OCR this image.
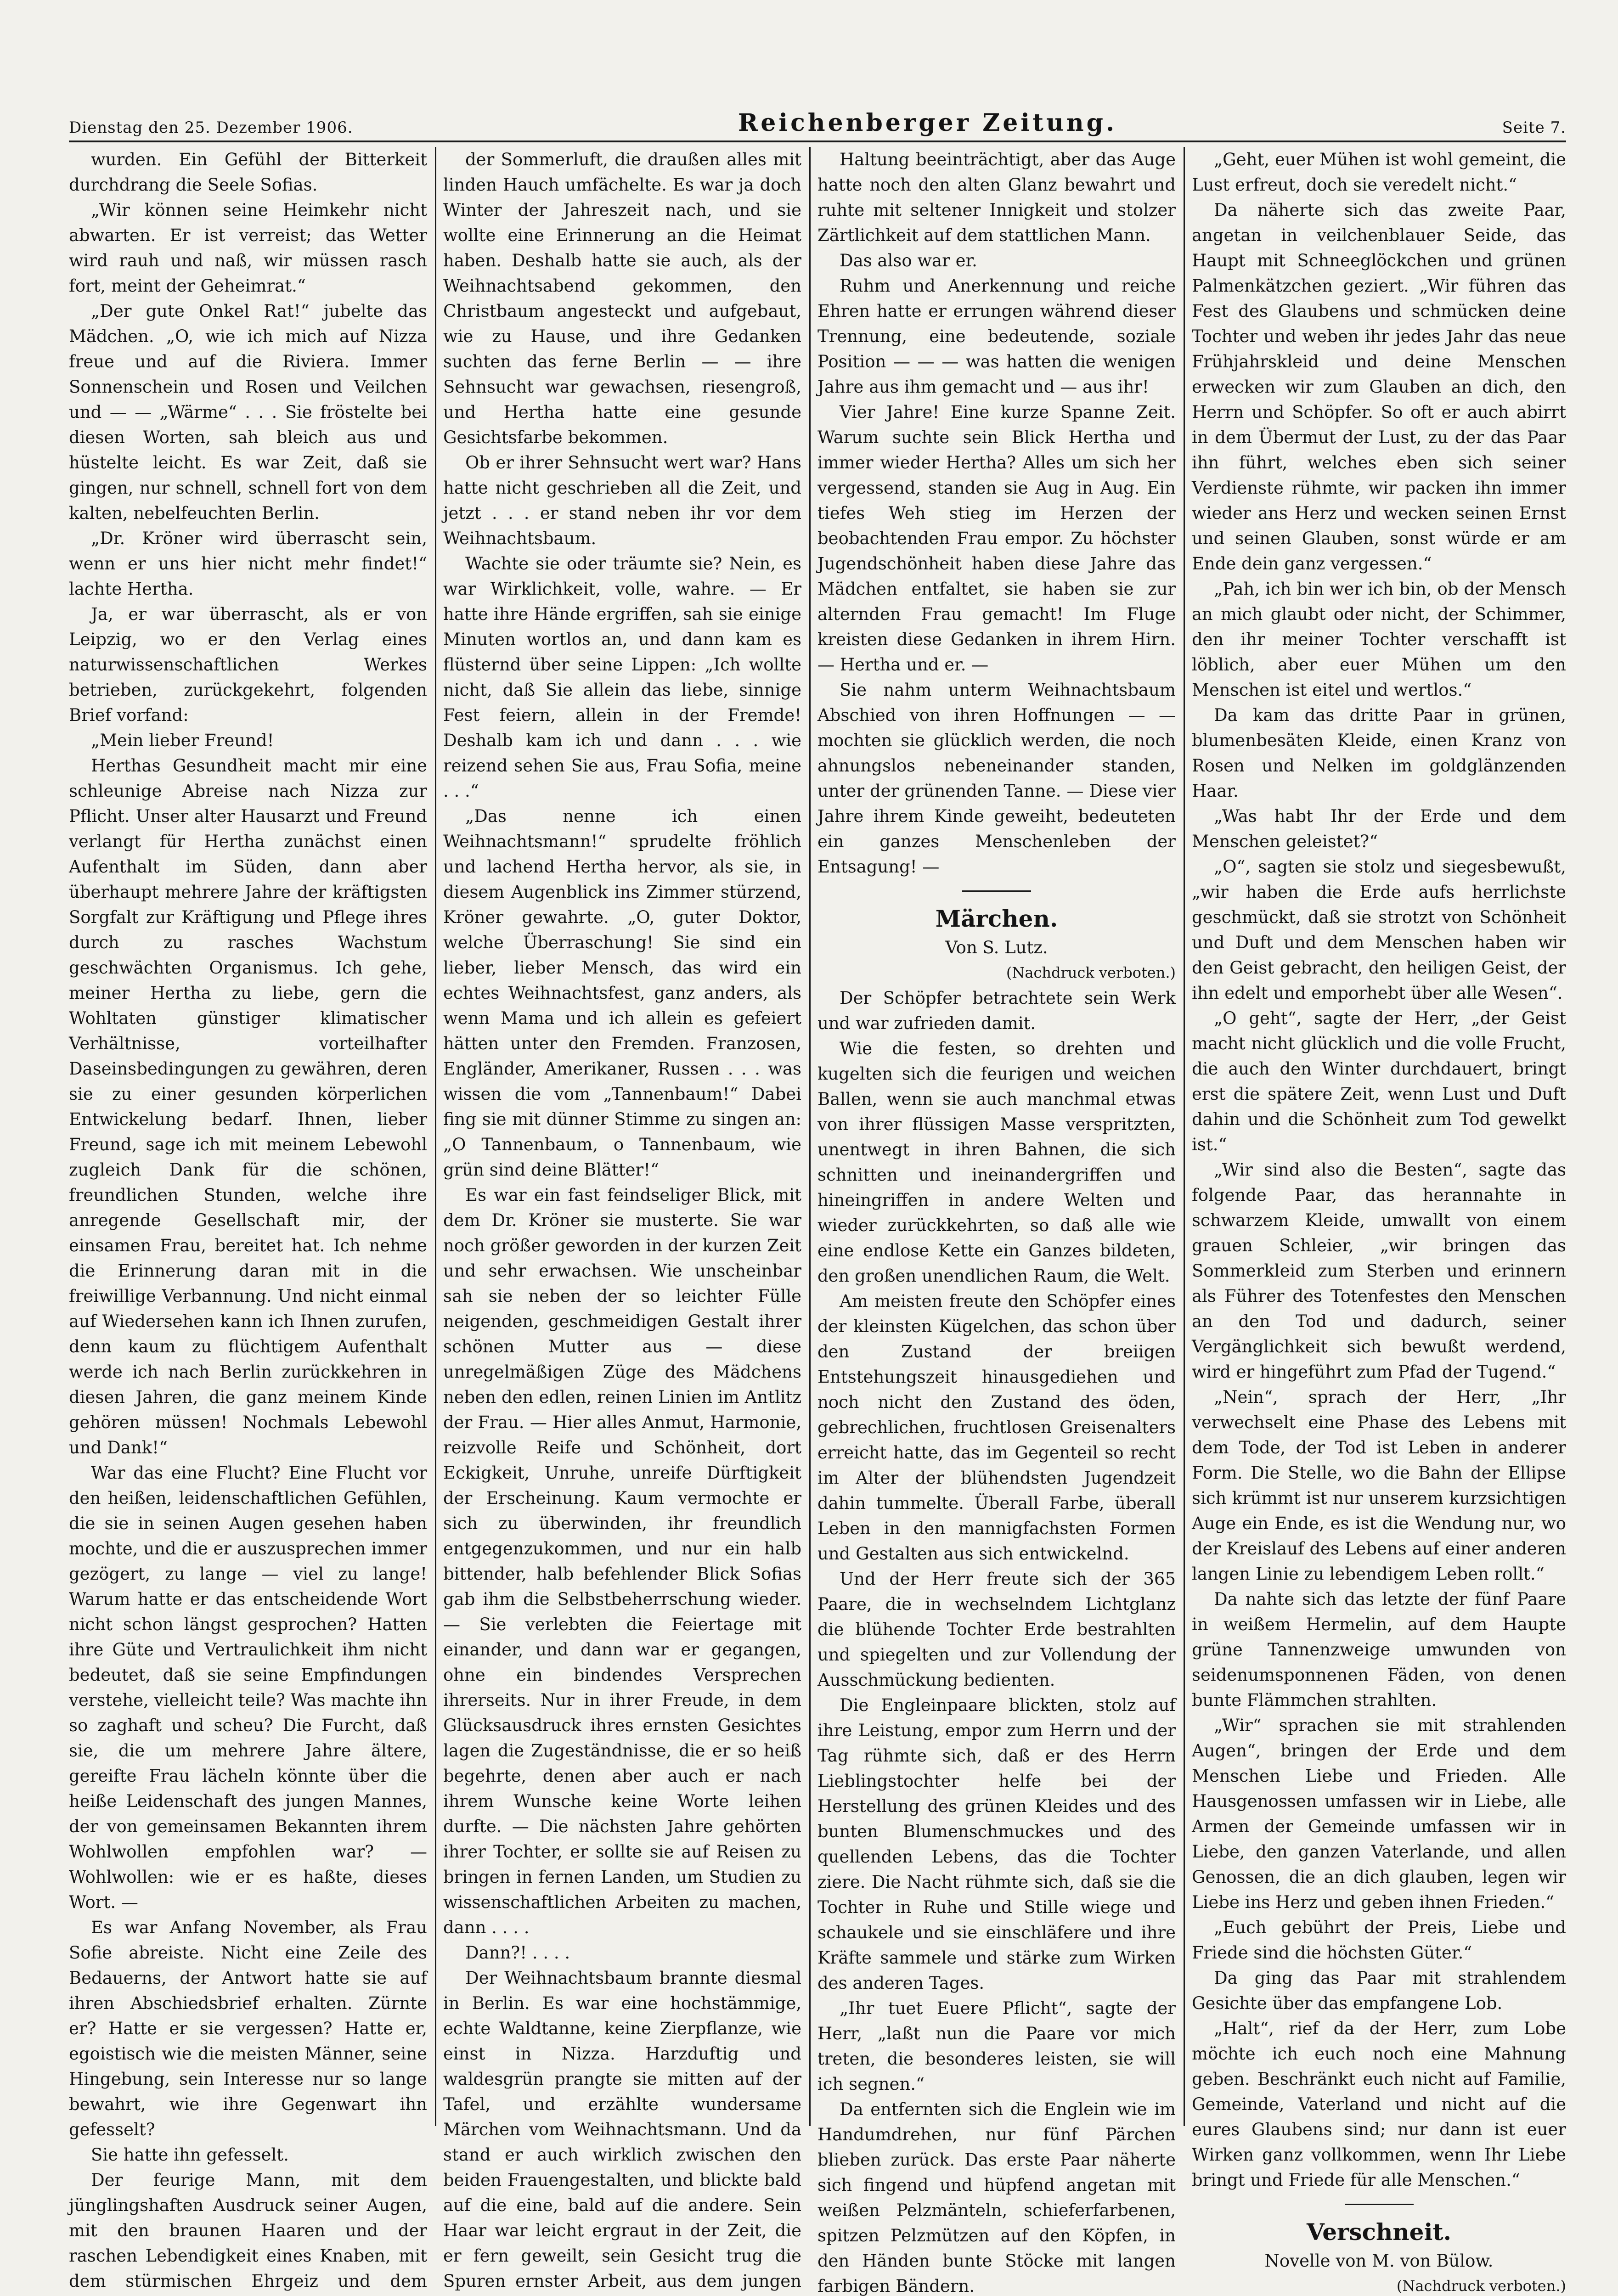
Dienstag den 25. Dezember 1906.	Reichenberger Zeitung.	Seite 7.

wurden. Ein Gefühl der Bitterkeit durchdrang die Seele Sofias.

„Wir können seine Heimkehr nicht abwarten. Er ist verreist; das Wetter wird rauh und naß, wir müssen rasch fort, meint der Geheimrat.“

„Der gute Onkel Rat!“ jubelte das Mädchen. „O, wie ich mich auf Nizza freue und auf die Riviera. Immer Sonnenschein und Rosen und Veilchen und — — „Wärme“ . . . Sie fröstelte bei diesen Worten, sah bleich aus und hüstelte leicht. Es war Zeit, daß sie gingen, nur schnell, schnell fort von dem kalten, nebelfeuchten Berlin.

„Dr. Kröner wird überrascht sein, wenn er uns hier nicht mehr findet!“ lachte Hertha.

Ja, er war überrascht, als er von Leipzig, wo er den Verlag eines naturwissenschaftlichen Werkes betrieben, zurückgekehrt, folgenden Brief vorfand:

„Mein lieber Freund!

Herthas Gesundheit macht mir eine schleunige Abreise nach Nizza zur Pflicht. Unser alter Hausarzt und Freund verlangt für Hertha zunächst einen Aufenthalt im Süden, dann aber überhaupt mehrere Jahre der kräftigsten Sorgfalt zur Kräftigung und Pflege ihres durch zu rasches Wachstum geschwächten Organismus. Ich gehe, meiner Hertha zu liebe, gern die Wohltaten günstiger klimatischer Verhältnisse, vorteilhafter Daseinsbedingungen zu gewähren, deren sie zu einer gesunden körperlichen Entwickelung bedarf. Ihnen, lieber Freund, sage ich mit meinem Lebewohl zugleich Dank für die schönen, freundlichen Stunden, welche ihre anregende Gesellschaft mir, der einsamen Frau, bereitet hat. Ich nehme die Erinnerung daran mit in die freiwillige Verbannung. Und nicht einmal auf Wiedersehen kann ich Ihnen zurufen, denn kaum zu flüchtigem Aufenthalt werde ich nach Berlin zurückkehren in diesen Jahren, die ganz meinem Kinde gehören müssen! Nochmals Lebewohl und Dank!“

War das eine Flucht? Eine Flucht vor den heißen, leidenschaftlichen Gefühlen, die sie in seinen Augen gesehen haben mochte, und die er auszusprechen immer gezögert, zu lange — viel zu lange! Warum hatte er das entscheidende Wort nicht schon längst gesprochen? Hatten ihre Güte und Vertraulichkeit ihm nicht bedeutet, daß sie seine Empfindungen verstehe, vielleicht teile? Was machte ihn so zaghaft und scheu? Die Furcht, daß sie, die um mehrere Jahre ältere, gereifte Frau lächeln könnte über die heiße Leidenschaft des jungen Mannes, der von gemeinsamen Bekannten ihrem Wohlwollen empfohlen war? — Wohlwollen: wie er es haßte, dieses Wort. —

Es war Anfang November, als Frau Sofie abreiste. Nicht eine Zeile des Bedauerns, der Antwort hatte sie auf ihren Abschiedsbrief erhalten. Zürnte er? Hatte er sie vergessen? Hatte er, egoistisch wie die meisten Männer, seine Hingebung, sein Interesse nur so lange bewahrt, wie ihre Gegenwart ihn gefesselt?

Sie hatte ihn gefesselt.

Der feurige Mann, mit dem jünglingshaften Ausdruck seiner Augen, mit den braunen Haaren und der raschen Lebendigkeit eines Knaben, mit dem stürmischen Ehrgeiz und dem

der Sommerluft, die draußen alles mit linden Hauch umfächelte. Es war ja doch Winter der Jahreszeit nach, und sie wollte eine Erinnerung an die Heimat haben. Deshalb hatte sie auch, als der Weihnachtsabend gekommen, den Christbaum angesteckt und aufgebaut, wie zu Hause, und ihre Gedanken suchten das ferne Berlin — — ihre Sehnsucht war gewachsen, riesengroß, und Hertha hatte eine gesunde Gesichtsfarbe bekommen.

Ob er ihrer Sehnsucht wert war? Hans hatte nicht geschrieben all die Zeit, und jetzt . . . er stand neben ihr vor dem Weihnachtsbaum.

Wachte sie oder träumte sie? Nein, es war Wirklichkeit, volle, wahre. — Er hatte ihre Hände ergriffen, sah sie einige Minuten wortlos an, und dann kam es flüsternd über seine Lippen: „Ich wollte nicht, daß Sie allein das liebe, sinnige Fest feiern, allein in der Fremde! Deshalb kam ich und dann . . . wie reizend sehen Sie aus, Frau Sofia, meine . . .“

„Das nenne ich einen Weihnachtsmann!“ sprudelte fröhlich und lachend Hertha hervor, als sie, in diesem Augenblick ins Zimmer stürzend, Kröner gewahrte. „O, guter Doktor, welche Überraschung! Sie sind ein lieber, lieber Mensch, das wird ein echtes Weihnachtsfest, ganz anders, als wenn Mama und ich allein es gefeiert hätten unter den Fremden. Franzosen, Engländer, Amerikaner, Russen . . . was wissen die vom „Tannenbaum!“ Dabei fing sie mit dünner Stimme zu singen an: „O Tannenbaum, o Tannenbaum, wie grün sind deine Blätter!“

Es war ein fast feindseliger Blick, mit dem Dr. Kröner sie musterte. Sie war noch größer geworden in der kurzen Zeit und sehr erwachsen. Wie unscheinbar sah sie neben der so leichter Fülle neigenden, geschmeidigen Gestalt ihrer schönen Mutter aus — diese unregelmäßigen Züge des Mädchens neben den edlen, reinen Linien im Antlitz der Frau. — Hier alles Anmut, Harmonie, reizvolle Reife und Schönheit, dort Eckigkeit, Unruhe, unreife Dürftigkeit der Erscheinung. Kaum vermochte er sich zu überwinden, ihr freundlich entgegenzukommen, und nur ein halb bittender, halb befehlender Blick Sofias gab ihm die Selbstbeherrschung wieder. — Sie verlebten die Feiertage mit einander, und dann war er gegangen, ohne ein bindendes Versprechen ihrerseits. Nur in ihrer Freude, in dem Glücksausdruck ihres ernsten Gesichtes lagen die Zugeständnisse, die er so heiß begehrte, denen aber auch er nach ihrem Wunsche keine Worte leihen durfte. — Die nächsten Jahre gehörten ihrer Tochter, er sollte sie auf Reisen zu bringen in fernen Landen, um Studien zu wissenschaftlichen Arbeiten zu machen, dann . . . .

Dann?! . . . .

Der Weihnachtsbaum brannte diesmal in Berlin. Es war eine hochstämmige, echte Waldtanne, keine Zierpflanze, wie einst in Nizza. Harzduftig und waldesgrün prangte sie mitten auf der Tafel, und erzählte wundersame Märchen vom Weihnachtsmann. Und da stand er auch wirklich zwischen den beiden Frauengestalten, und blickte bald auf die eine, bald auf die andere. Sein Haar war leicht ergraut in der Zeit, die er fern geweilt, sein Gesicht trug die Spuren ernster Arbeit, aus dem jungen

Haltung beeinträchtigt, aber das Auge hatte noch den alten Glanz bewahrt und ruhte mit seltener Innigkeit und stolzer Zärtlichkeit auf dem stattlichen Mann.

Das also war er.

Ruhm und Anerkennung und reiche Ehren hatte er errungen während dieser Trennung, eine bedeutende, soziale Position — — — was hatten die wenigen Jahre aus ihm gemacht und — aus ihr!

Vier Jahre! Eine kurze Spanne Zeit. Warum suchte sein Blick Hertha und immer wieder Hertha? Alles um sich her vergessend, standen sie Aug in Aug. Ein tiefes Weh stieg im Herzen der beobachtenden Frau empor. Zu höchster Jugendschönheit haben diese Jahre das Mädchen entfaltet, sie haben sie zur alternden Frau gemacht! Im Fluge kreisten diese Gedanken in ihrem Hirn. — Hertha und er. —

Sie nahm unterm Weihnachtsbaum Abschied von ihren Hoffnungen — — mochten sie glücklich werden, die noch ahnungslos nebeneinander standen, unter der grünenden Tanne. — Diese vier Jahre ihrem Kinde geweiht, bedeuteten ein ganzes Menschenleben der Entsagung! —

Märchen.

Von S. Lutz.

(Nachdruck verboten.)

Der Schöpfer betrachtete sein Werk und war zufrieden damit.

Wie die festen, so drehten und kugelten sich die feurigen und weichen Ballen, wenn sie auch manchmal etwas von ihrer flüssigen Masse verspritzten, unentwegt in ihren Bahnen, die sich schnitten und ineinandergriffen und hineingriffen in andere Welten und wieder zurückkehrten, so daß alle wie eine endlose Kette ein Ganzes bildeten, den großen unendlichen Raum, die Welt.

Am meisten freute den Schöpfer eines der kleinsten Kügelchen, das schon über den Zustand der breiigen Entstehungszeit hinausgediehen und noch nicht den Zustand des öden, gebrechlichen, fruchtlosen Greisenalters erreicht hatte, das im Gegenteil so recht im Alter der blühendsten Jugendzeit dahin tummelte. Überall Farbe, überall Leben in den mannigfachsten Formen und Gestalten aus sich entwickelnd.

Und der Herr freute sich der 365 Paare, die in wechselndem Lichtglanz die blühende Tochter Erde bestrahlten und spiegelten und zur Vollendung der Ausschmückung bedienten.

Die Engleinpaare blickten, stolz auf ihre Leistung, empor zum Herrn und der Tag rühmte sich, daß er des Herrn Lieblingstochter helfe bei der Herstellung des grünen Kleides und des bunten Blumenschmuckes und des quellenden Lebens, das die Tochter ziere. Die Nacht rühmte sich, daß sie die Tochter in Ruhe und Stille wiege und schaukele und sie einschläfere und ihre Kräfte sammele und stärke zum Wirken des anderen Tages.

„Ihr tuet Euere Pflicht“, sagte der Herr, „laßt nun die Paare vor mich treten, die besonderes leisten, sie will ich segnen.“

Da entfernten sich die Englein wie im Handumdrehen, nur fünf Pärchen blieben zurück. Das erste Paar näherte sich fingend und hüpfend angetan mit weißen Pelzmänteln, schieferfarbenen, spitzen Pelzmützen auf den Köpfen, in den Händen bunte Stöcke mit langen farbigen Bändern.

„Geht, euer Mühen ist wohl gemeint, die Lust erfreut, doch sie veredelt nicht.“

Da näherte sich das zweite Paar, angetan in veilchenblauer Seide, das Haupt mit Schneeglöckchen und grünen Palmenkätzchen geziert. „Wir führen das Fest des Glaubens und schmücken deine Tochter und weben ihr jedes Jahr das neue Frühjahrskleid und deine Menschen erwecken wir zum Glauben an dich, den Herrn und Schöpfer. So oft er auch abirrt in dem Übermut der Lust, zu der das Paar ihn führt, welches eben sich seiner Verdienste rühmte, wir packen ihn immer wieder ans Herz und wecken seinen Ernst und seinen Glauben, sonst würde er am Ende dein ganz vergessen.“

„Pah, ich bin wer ich bin, ob der Mensch an mich glaubt oder nicht, der Schimmer, den ihr meiner Tochter verschafft ist löblich, aber euer Mühen um den Menschen ist eitel und wertlos.“

Da kam das dritte Paar in grünen, blumenbesäten Kleide, einen Kranz von Rosen und Nelken im goldglänzenden Haar.

„Was habt Ihr der Erde und dem Menschen geleistet?“

„O“, sagten sie stolz und siegesbewußt, „wir haben die Erde aufs herrlichste geschmückt, daß sie strotzt von Schönheit und Duft und dem Menschen haben wir den Geist gebracht, den heiligen Geist, der ihn edelt und emporhebt über alle Wesen“.

„O geht“, sagte der Herr, „der Geist macht nicht glücklich und die volle Frucht, die auch den Winter durchdauert, bringt erst die spätere Zeit, wenn Lust und Duft dahin und die Schönheit zum Tod gewelkt ist.“

„Wir sind also die Besten“, sagte das folgende Paar, das herannahte in schwarzem Kleide, umwallt von einem grauen Schleier, „wir bringen das Sommerkleid zum Sterben und erinnern als Führer des Totenfestes den Menschen an den Tod und dadurch, seiner Vergänglichkeit sich bewußt werdend, wird er hingeführt zum Pfad der Tugend.“

„Nein“, sprach der Herr, „Ihr verwechselt eine Phase des Lebens mit dem Tode, der Tod ist Leben in anderer Form. Die Stelle, wo die Bahn der Ellipse sich krümmt ist nur unserem kurzsichtigen Auge ein Ende, es ist die Wendung nur, wo der Kreislauf des Lebens auf einer anderen langen Linie zu lebendigem Leben rollt.“

Da nahte sich das letzte der fünf Paare in weißem Hermelin, auf dem Haupte grüne Tannenzweige umwunden von seidenumsponnenen Fäden, von denen bunte Flämmchen strahlten.

„Wir“ sprachen sie mit strahlenden Augen“, bringen der Erde und dem Menschen Liebe und Frieden. Alle Hausgenossen umfassen wir in Liebe, alle Armen der Gemeinde umfassen wir in Liebe, den ganzen Vaterlande, und allen Genossen, die an dich glauben, legen wir Liebe ins Herz und geben ihnen Frieden.“

„Euch gebührt der Preis, Liebe und Friede sind die höchsten Güter.“

Da ging das Paar mit strahlendem Gesichte über das empfangene Lob.

„Halt“, rief da der Herr, zum Lobe möchte ich euch noch eine Mahnung geben. Beschränkt euch nicht auf Familie, Gemeinde, Vaterland und nicht auf die eures Glaubens sind; nur dann ist euer Wirken ganz vollkommen, wenn Ihr Liebe bringt und Friede für alle Menschen.“

Verschneit.

Novelle von M. von Bülow.

(Nachdruck verboten.)
